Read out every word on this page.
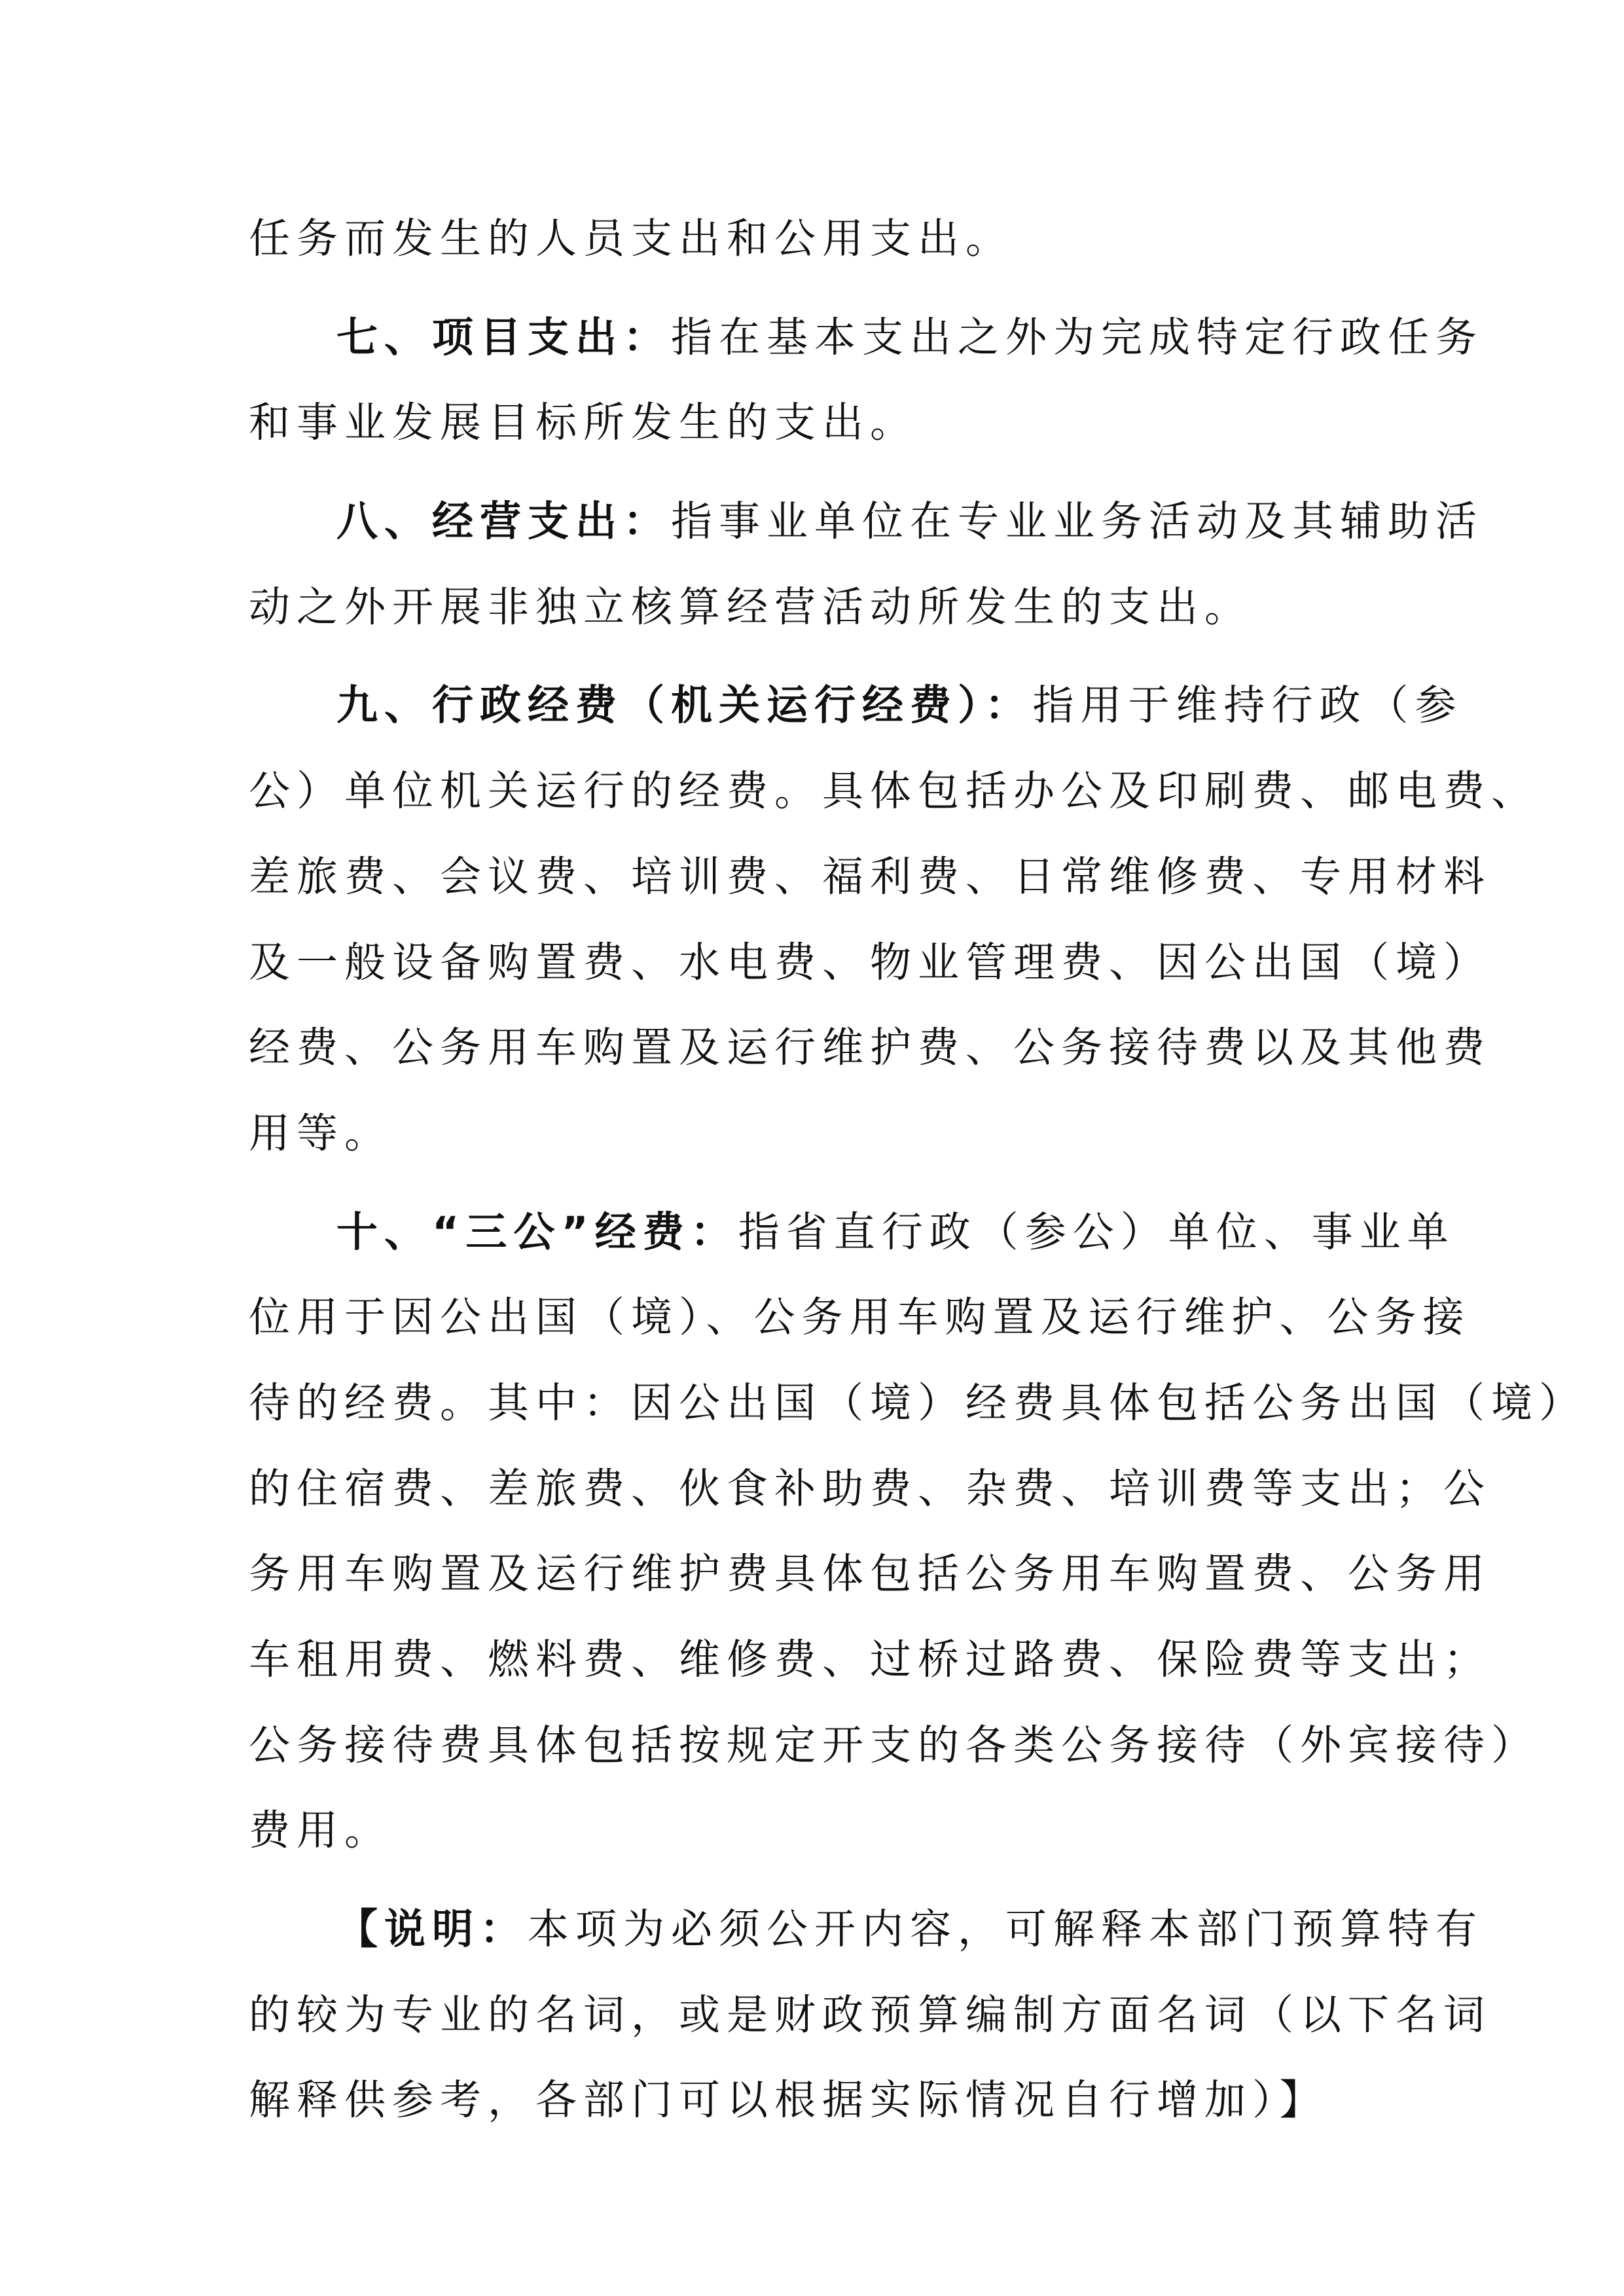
任务而发生的人员支出和公用支出。
七、项目支出：指在基本支出之外为完成特定行政任务
和事业发展目标所发生的支出。
八、经营支出：指事业单位在专业业务活动及其辅助活
动之外开展非独立核算经营活动所发生的支出。
九、行政经费（机关运行经费）：指用于维持行政（参
公）单位机关运行的经费。具体包括办公及印刷费、邮电费、
差旅费、会议费、培训费、福利费、日常维修费、专用材料
及一般设备购置费、水电费、物业管理费、因公出国（境）
经费、公务用车购置及运行维护费、公务接待费以及其他费
用等。
十、“三公”经费：指省直行政（参公）单位、事业单
位用于因公出国（境）、公务用车购置及运行维护、公务接
待的经费。其中：因公出国（境）经费具体包括公务出国（境）
的住宿费、差旅费、伙食补助费、杂费、培训费等支出；公
务用车购置及运行维护费具体包括公务用车购置费、公务用
车租用费、燃料费、维修费、过桥过路费、保险费等支出；
公务接待费具体包括按规定开支的各类公务接待（外宾接待）
费用。
【说明：本项为必须公开内容，可解释本部门预算特有
的较为专业的名词，或是财政预算编制方面名词（以下名词
解释供参考，各部门可以根据实际情况自行增加）】
